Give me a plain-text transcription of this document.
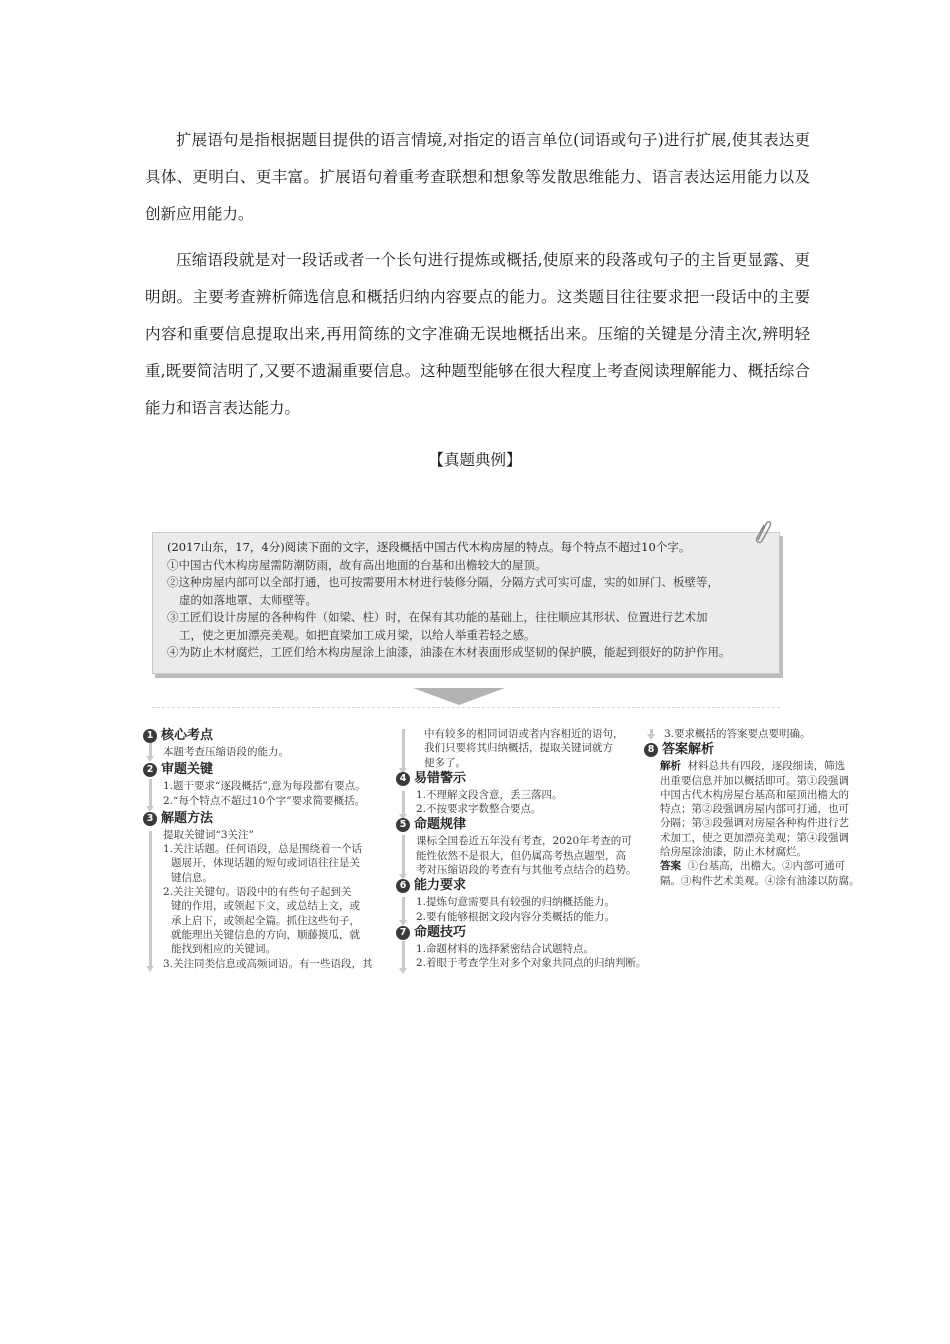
扩展语句是指根据题目提供的语言情境,对指定的语言单位(词语或句子)进行扩展,使其表达更具体、更明白、更丰富。扩展语句着重考查联想和想象等发散思维能力、语言表达运用能力以及创新应用能力。

压缩语段就是对一段话或者一个长句进行提炼或概括,使原来的段落或句子的主旨更显露、更明朗。主要考查辨析筛选信息和概括归纳内容要点的能力。这类题目往往要求把一段话中的主要内容和重要信息提取出来,再用简练的文字准确无误地概括出来。压缩的关键是分清主次,辨明轻重,既要简洁明了,又要不遗漏重要信息。这种题型能够在很大程度上考查阅读理解能力、概括综合能力和语言表达能力。

【真题典例】
(2017山东，17，4分)阅读下面的文字，逐段概括中国古代木构房屋的特点。每个特点不超过10个字。
①中国古代木构房屋需防潮防雨，故有高出地面的台基和出檐较大的屋顶。
②这种房屋内部可以全部打通，也可按需要用木材进行装修分隔，分隔方式可实可虚，实的如屏门、板壁等，
虚的如落地罩、太师壁等。
③工匠们设计房屋的各种构件（如梁、柱）时，在保有其功能的基础上，往往顺应其形状、位置进行艺术加
工，使之更加漂亮美观。如把直梁加工成月梁，以给人举重若轻之感。
④为防止木材腐烂，工匠们给木构房屋涂上油漆，油漆在木材表面形成坚韧的保护膜，能起到很好的防护作用。
1 核心考点
本题考查压缩语段的能力。
2 审题关键
1.题干要求“逐段概括”,意为每段都有要点。
2.“每个特点不超过10个字”要求简要概括。
3 解题方法
提取关键词“3关注”
1.关注话题。任何语段，总是围绕着一个话
题展开，体现话题的短句或词语往往是关
键信息。
2.关注关键句。语段中的有些句子起到关
键的作用，或领起下文，或总结上文，或
承上启下，或领起全篇。抓住这些句子，
就能理出关键信息的方向，顺藤摸瓜，就
能找到相应的关键词。
3.关注同类信息或高频词语。有一些语段，其
中有较多的相同词语或者内容相近的语句，
我们只要将其归纳概括，提取关键词就方
便多了。
4 易错警示
1.不理解文段含意，丢三落四。
2.不按要求字数整合要点。
5 命题规律
课标全国卷近五年没有考查，2020年考查的可
能性依然不是很大，但仍属高考热点题型，高
考对压缩语段的考查有与其他考点结合的趋势。
6 能力要求
1.提炼句意需要具有较强的归纳概括能力。
2.要有能够根据文段内容分类概括的能力。
7 命题技巧
1.命题材料的选择紧密结合试题特点。
2.着眼于考查学生对多个对象共同点的归纳判断。
3.要求概括的答案要点要明确。
8 答案解析
解析 材料总共有四段，逐段细读，筛选
出重要信息并加以概括即可。第①段强调
中国古代木构房屋台基高和屋顶出檐大的
特点；第②段强调房屋内部可打通，也可
分隔；第③段强调对房屋各种构件进行艺
术加工，使之更加漂亮美观；第④段强调
给房屋涂油漆，防止木材腐烂。
答案 ①台基高，出檐大。②内部可通可
隔。③构件艺术美观。④涂有油漆以防腐。
